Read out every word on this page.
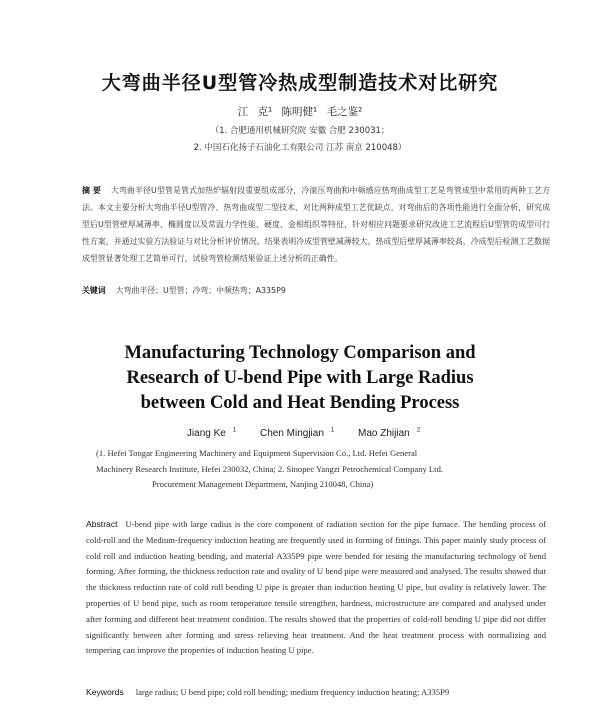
大弯曲半径U型管冷热成型制造技术对比研究
江 克¹ 陈明健¹ 毛之鉴²
（1. 合肥通用机械研究院 安徽 合肥 230031；
2. 中国石化扬子石油化工有限公司 江苏 南京 210048）
摘 要 大弯曲半径U型管是管式加热炉辐射段重要组成部分，冷滚压弯曲和中频感应热弯曲成型工艺是弯管成型中常用的两种工艺方法。本文主要分析大弯曲半径U型管冷、热弯曲成型二型技术，对比两种成型工艺优缺点，对弯曲后的各项性能进行全面分析，研究成型后U型管壁厚减薄率、椭圆度以及常温力学性能、硬度、金相组织等特征，针对相应问题要求研究改进工艺流程后U型管的成型可行性方案，并通过实验方法验证与对比分析评价情况。结果表明冷成型管壁减薄较大，热成型后壁厚减薄率较高，冷成型后检测工艺数据成型管显著处理工艺简单可行，试验弯管检测结果验证上述分析的正确性。
关键词 大弯曲半径；U型管；冷弯；中频热弯；A335P9
Manufacturing Technology Comparison and
Research of U-bend Pipe with Large Radius
between Cold and Heat Bending Process
Jiang Ke $^1$ Chen Mingjian $^1$ Mao Zhijian $^2$
(1. Hefei Tongar Engineering Machinery and Equipment Supervision Co., Ltd. Hefei General
Machinery Research Institute, Hefei 230032, China; 2. Sinopec Yangzi Petrochemical Company Ltd.
Procurement Management Department, Nanjing 210048, China)
Abstract U-bend pipe with large radius is the core component of radiation section for the pipe furnace. The bending process of cold-roll and the Medium-frequency induction heating are frequently used in forming of fittings. This paper mainly study process of cold roll and induction heating bending, and material A335P9 pipe were bended for testing the manufacturing technology of bend forming. After forming, the thickness reduction rate and ovality of U bend pipe were measured and analysed. The results showed that the thickness reduction rate of cold roll bending U pipe is greater than induction heating U pipe, but ovality is relatively lower. The properties of U bend pipe, such as room temperature tensile strengthen, hardness, microstructure are compared and analysed under after forming and different heat treatment condition. The results showed that the properties of cold-roll bending U pipe did not differ significantly between after forming and stress relieving heat treatment. And the heat treatment process with normalizing and tempering can improve the properties of induction heating U pipe.
Keywords large radius; U bend pipe; cold roll bending; medium frequency induction heating; A335P9
